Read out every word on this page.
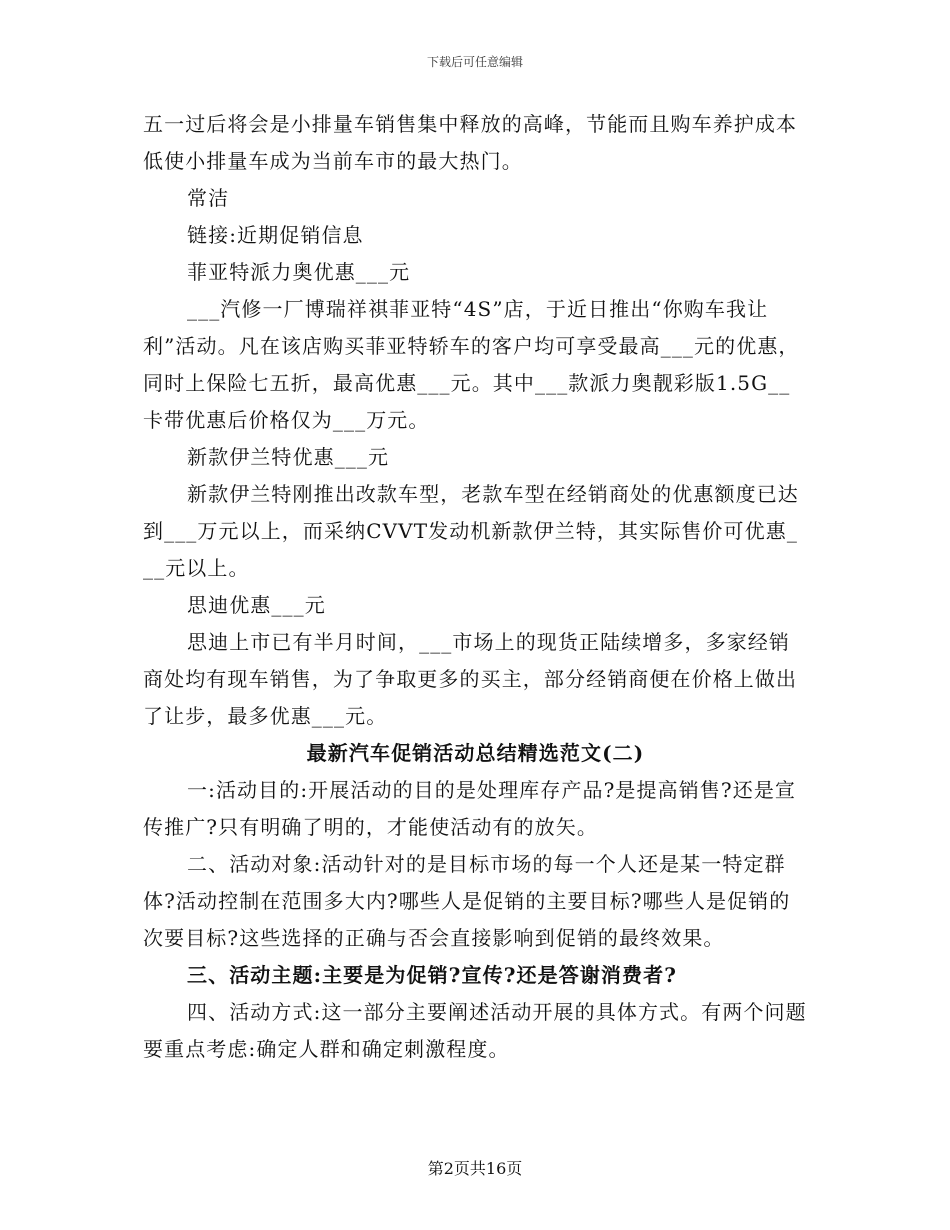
下载后可任意编辑

五一过后将会是小排量车销售集中释放的高峰，节能而且购车养护成本低使小排量车成为当前车市的最大热门。

常洁

链接:近期促销信息

菲亚特派力奥优惠___元

___汽修一厂博瑞祥祺菲亚特“4S”店，于近日推出“你购车我让利”活动。凡在该店购买菲亚特轿车的客户均可享受最高___元的优惠，同时上保险七五折，最高优惠___元。其中___款派力奥靓彩版1.5G__卡带优惠后价格仅为___万元。

新款伊兰特优惠___元

新款伊兰特刚推出改款车型，老款车型在经销商处的优惠额度已达到___万元以上，而采纳CVVT发动机新款伊兰特，其实际售价可优惠___元以上。

思迪优惠___元

思迪上市已有半月时间，___市场上的现货正陆续增多，多家经销商处均有现车销售，为了争取更多的买主，部分经销商便在价格上做出了让步，最多优惠___元。

最新汽车促销活动总结精选范文(二)

一:活动目的:开展活动的目的是处理库存产品?是提高销售?还是宣传推广?只有明确了明的，才能使活动有的放矢。

二、活动对象:活动针对的是目标市场的每一个人还是某一特定群体?活动控制在范围多大内?哪些人是促销的主要目标?哪些人是促销的次要目标?这些选择的正确与否会直接影响到促销的最终效果。

三、活动主题:主要是为促销?宣传?还是答谢消费者?

四、活动方式:这一部分主要阐述活动开展的具体方式。有两个问题要重点考虑:确定人群和确定刺激程度。

第2页共16页
